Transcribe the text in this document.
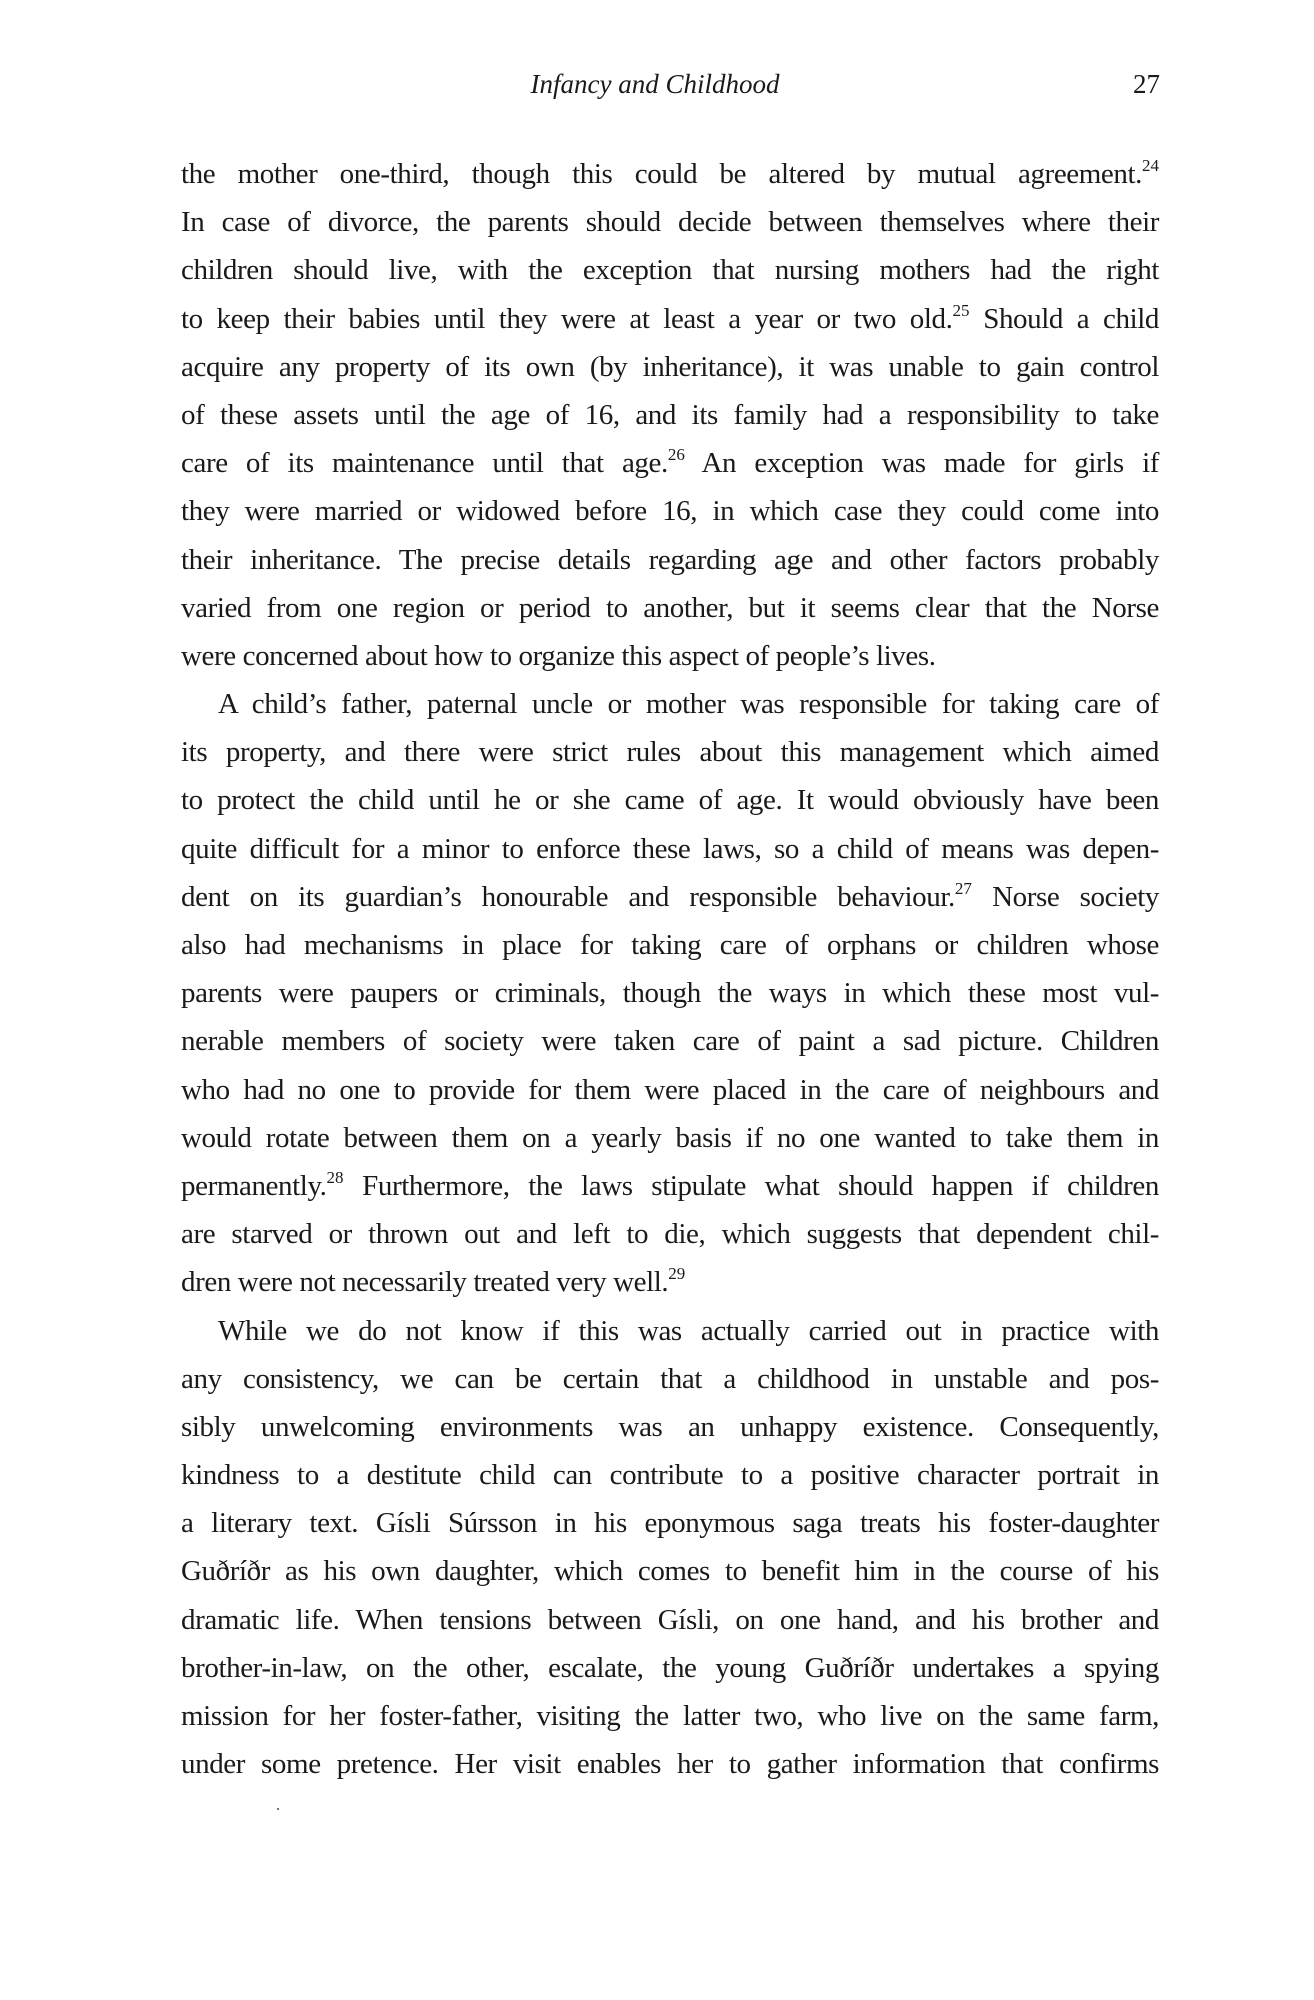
Infancy and Childhood	27
the mother one-third, though this could be altered by mutual agreement.$^{24}$
In case of divorce, the parents should decide between themselves where their
children should live, with the exception that nursing mothers had the right
to keep their babies until they were at least a year or two old.$^{25}$ Should a child
acquire any property of its own (by inheritance), it was unable to gain control
of these assets until the age of 16, and its family had a responsibility to take
care of its maintenance until that age.$^{26}$ An exception was made for girls if
they were married or widowed before 16, in which case they could come into
their inheritance. The precise details regarding age and other factors probably
varied from one region or period to another, but it seems clear that the Norse
were concerned about how to organize this aspect of people’s lives.
A child’s father, paternal uncle or mother was responsible for taking care of
its property, and there were strict rules about this management which aimed
to protect the child until he or she came of age. It would obviously have been
quite difficult for a minor to enforce these laws, so a child of means was depen-
dent on its guardian’s honourable and responsible behaviour.$^{27}$ Norse society
also had mechanisms in place for taking care of orphans or children whose
parents were paupers or criminals, though the ways in which these most vul-
nerable members of society were taken care of paint a sad picture. Children
who had no one to provide for them were placed in the care of neighbours and
would rotate between them on a yearly basis if no one wanted to take them in
permanently.$^{28}$ Furthermore, the laws stipulate what should happen if children
are starved or thrown out and left to die, which suggests that dependent chil-
dren were not necessarily treated very well.$^{29}$
While we do not know if this was actually carried out in practice with
any consistency, we can be certain that a childhood in unstable and pos-
sibly unwelcoming environments was an unhappy existence. Consequently,
kindness to a destitute child can contribute to a positive character portrait in
a literary text. Gísli Súrsson in his eponymous saga treats his foster-daughter
Guðríðr as his own daughter, which comes to benefit him in the course of his
dramatic life. When tensions between Gísli, on one hand, and his brother and
brother-in-law, on the other, escalate, the young Guðríðr undertakes a spying
mission for her foster-father, visiting the latter two, who live on the same farm,
under some pretence. Her visit enables her to gather information that confirms
